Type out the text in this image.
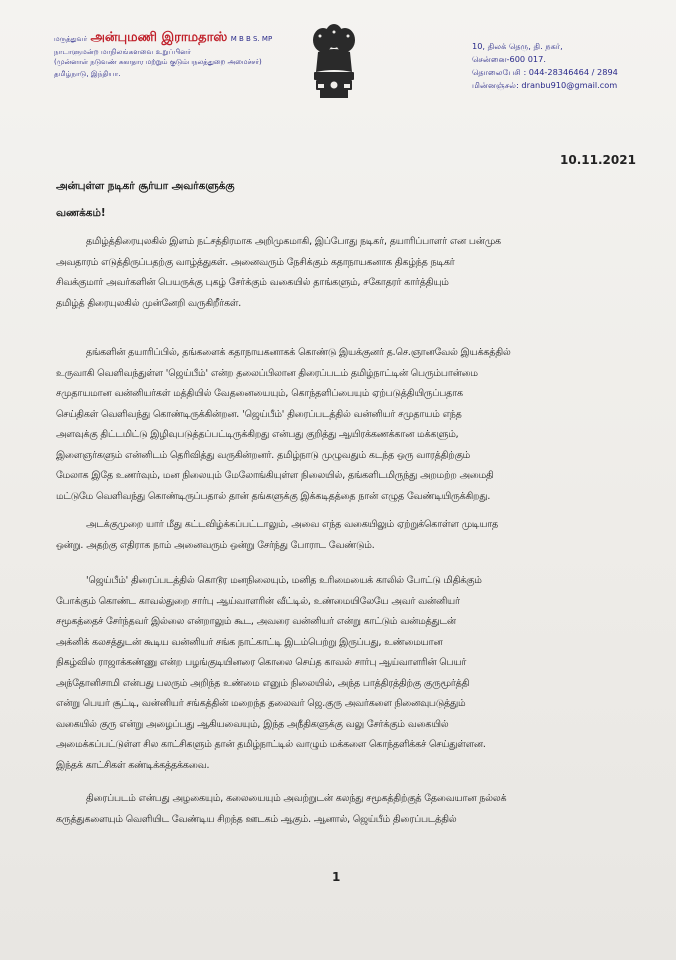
மருத்துவர் அன்புமணி இராமதாஸ் M B B S. MP
நாடாளுமன்ற மாநிலங்களவை உறுப்பினர்
(முன்னாள் நடுவண் சுகாதார மற்றும் குடும்பநலத்துறை அமைச்சர்)
தமிழ்நாடு, இந்தியா.
10, திலக் தெரு, தி. நகர்,
சென்னை-600 017.
தொலைபேசி : 044-28346464 / 2894
மின்னஞ்சல்: dranbu910@gmail.com
10.11.2021
அன்புள்ள நடிகர் சூர்யா அவர்களுக்கு
வணக்கம்!
தமிழ்த்திரையுலகில் இளம் நட்சத்திரமாக அறிமுகமாகி, இப்போது நடிகர், தயாரிப்பாளர் என பன்முக
அவதாரம் எடுத்திருப்பதற்கு வாழ்த்துகள். அனைவரும் நேசிக்கும் கதாநாயகனாக திகழ்ந்த நடிகர்
சிவக்குமார் அவர்களின் பெயருக்கு புகழ் சேர்க்கும் வகையில் தாங்களும், சகோதரர் கார்த்தியும்
தமிழ்த் திரையுலகில் முன்னேறி வருகிறீர்கள்.
தங்களின் தயாரிப்பில், தங்களைக் கதாநாயகனாகக் கொண்டு இயக்குனர் த.செ.ஞானவேல் இயக்கத்தில்
உருவாகி வெளிவந்துள்ள 'ஜெய்பீம்' என்ற தலைப்பிலான திரைப்படம் தமிழ்நாட்டின் பெரும்பான்மை
சமுதாயமான வன்னியர்கள் மத்தியில் வேதனையையும், கொந்தளிப்பையும் ஏற்படுத்தியிருப்பதாக
செய்திகள் வெளிவந்து கொண்டிருக்கின்றன. 'ஜெய்பீம்' திரைப்படத்தில் வன்னியர் சமுதாயம் எந்த
அளவுக்கு திட்டமிட்டு இழிவுபடுத்தப்பட்டிருக்கிறது என்பது குறித்து ஆயிரக்கணக்கான மக்களும்,
இளைஞர்களும் என்னிடம் தெரிவித்து வருகின்றனர். தமிழ்நாடு முழுவதும் கடந்த ஒரு வாரத்திற்கும்
மேலாக இதே உணர்வும், மன நிலையும் மேலோங்கியுள்ள நிலையில், தங்களிடமிருந்து அறமற்ற அமைதி
மட்டுமே வெளிவந்து கொண்டிருப்பதால் தான் தங்களுக்கு இக்கடிதத்தை நான் எழுத வேண்டியிருக்கிறது.
அடக்குமுறை யார் மீது கட்டவிழ்க்கப்பட்டாலும், அவை எந்த வகையிலும் ஏற்றுக்கொள்ள முடியாத
ஒன்று. அதற்கு எதிராக நாம் அனைவரும் ஒன்று சேர்ந்து போராட வேண்டும்.
'ஜெய்பீம்' திரைப்படத்தில் கொடூர மனநிலையும், மனித உரிமையைக் காலில் போட்டு மிதிக்கும்
போக்கும் கொண்ட காவல்துறை சார்பு ஆய்வாளரின் வீட்டில், உண்மையிலேயே அவர் வன்னியர்
சமூகத்தைச் சேர்ந்தவர் இல்லை என்றாலும் கூட, அவரை வன்னியர் என்று காட்டும் வன்மத்துடன்
அக்னிக் கலசத்துடன் கூடிய வன்னியர் சங்க நாட்காட்டி இடம்பெற்று இருப்பது, உண்மையான
நிகழ்வில் ராஜாக்கண்ணு என்ற பழங்குடியினரை கொலை செய்த காவல் சார்பு ஆய்வாளரின் பெயர்
அந்தோனிசாமி என்பது பலரும் அறிந்த உண்மை எனும் நிலையில், அந்த பாத்திரத்திற்கு குருமூர்த்தி
என்று பெயர் சூட்டி, வன்னியர் சங்கத்தின் மறைந்த தலைவர் ஜெ.குரு அவர்களை நினைவுபடுத்தும்
வகையில் குரு என்று அழைப்பது ஆகியவையும், இந்த அநீதிகளுக்கு வலு சேர்க்கும் வகையில்
அமைக்கப்பட்டுள்ள சில காட்சிகளும் தான் தமிழ்நாட்டில் வாழும் மக்களை கொந்தளிக்கச் செய்துள்ளன.
இந்தக் காட்சிகள் கண்டிக்கத்தக்கவை.
திரைப்படம் என்பது அழகையும், கலையையும் அவற்றுடன் கலந்து சமூகத்திற்குத் தேவையான நல்லக்
கருத்துகளையும் வெளியிட வேண்டிய சிறந்த ஊடகம் ஆகும். ஆனால், ஜெய்பீம் திரைப்படத்தில்
1
